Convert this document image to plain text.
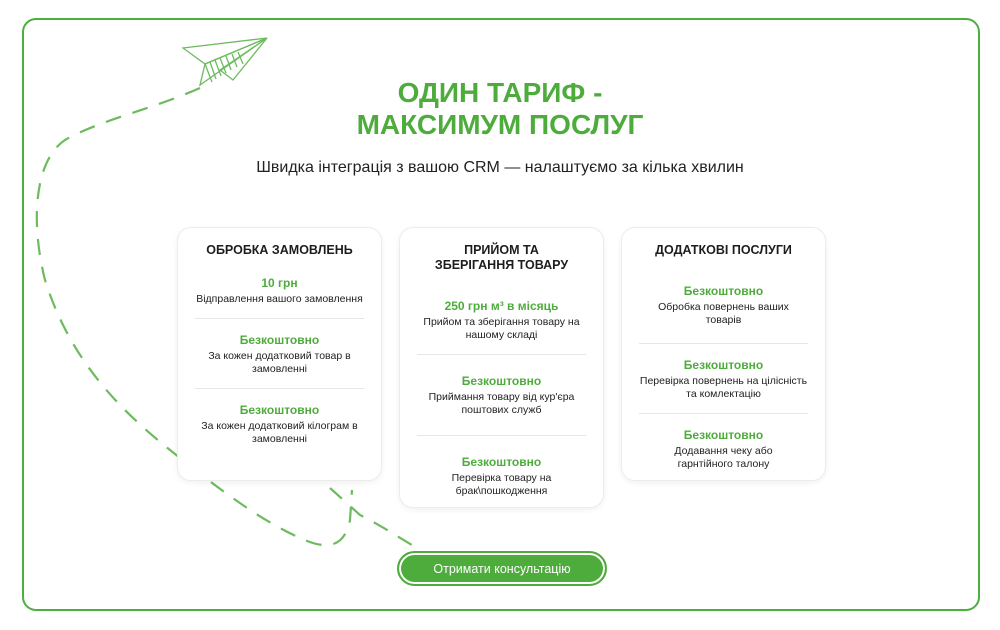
ОДИН ТАРИФ -
МАКСИМУМ ПОСЛУГ
Швидка інтеграція з вашою CRM — налаштуємо за кілька хвилин
ОБРОБКА ЗАМОВЛЕНЬ
10 грн
Відправлення вашого замовлення
Безкоштовно
За кожен додатковий товар в замовленні
Безкоштовно
За кожен додатковий кілограм в замовленні
ПРИЙОМ ТА ЗБЕРІГАННЯ ТОВАРУ
250 грн м³ в місяць
Прийом та зберігання товару на нашому складі
Безкоштовно
Приймання товару від кур'єра поштових служб
Безкоштовно
Перевірка товару на брак\пошкодження
ДОДАТКОВІ ПОСЛУГИ
Безкоштовно
Обробка повернень ваших товарів
Безкоштовно
Перевірка повернень на цілісність та комлектацію
Безкоштовно
Додавання чеку або гарнтійного талону
Отримати консультацію
